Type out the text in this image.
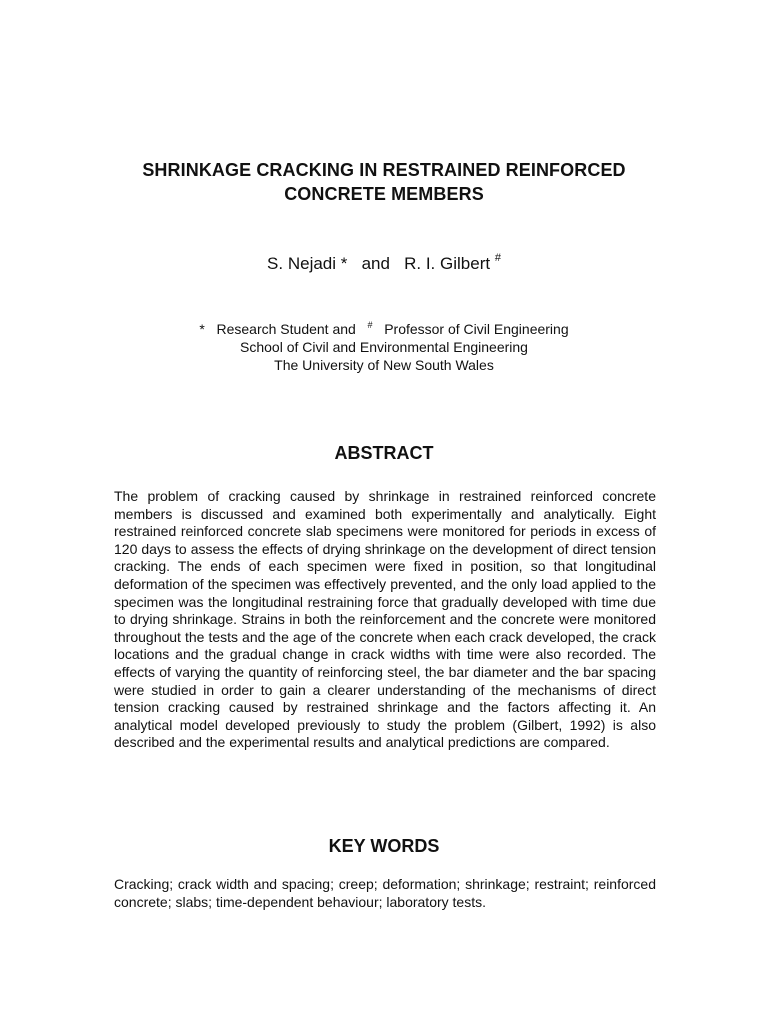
SHRINKAGE CRACKING IN RESTRAINED REINFORCED
CONCRETE MEMBERS
S. Nejadi * and R. I. Gilbert #
* Research Student and # Professor of Civil Engineering
School of Civil and Environmental Engineering
The University of New South Wales
ABSTRACT
The problem of cracking caused by shrinkage in restrained reinforced concrete members is discussed and examined both experimentally and analytically. Eight restrained reinforced concrete slab specimens were monitored for periods in excess of 120 days to assess the effects of drying shrinkage on the development of direct tension cracking. The ends of each specimen were fixed in position, so that longitudinal deformation of the specimen was effectively prevented, and the only load applied to the specimen was the longitudinal restraining force that gradually developed with time due to drying shrinkage. Strains in both the reinforcement and the concrete were monitored throughout the tests and the age of the concrete when each crack developed, the crack locations and the gradual change in crack widths with time were also recorded. The effects of varying the quantity of reinforcing steel, the bar diameter and the bar spacing were studied in order to gain a clearer understanding of the mechanisms of direct tension cracking caused by restrained shrinkage and the factors affecting it. An analytical model developed previously to study the problem (Gilbert, 1992) is also described and the experimental results and analytical predictions are compared.
KEY WORDS
Cracking; crack width and spacing; creep; deformation; shrinkage; restraint; reinforced concrete; slabs; time-dependent behaviour; laboratory tests.
